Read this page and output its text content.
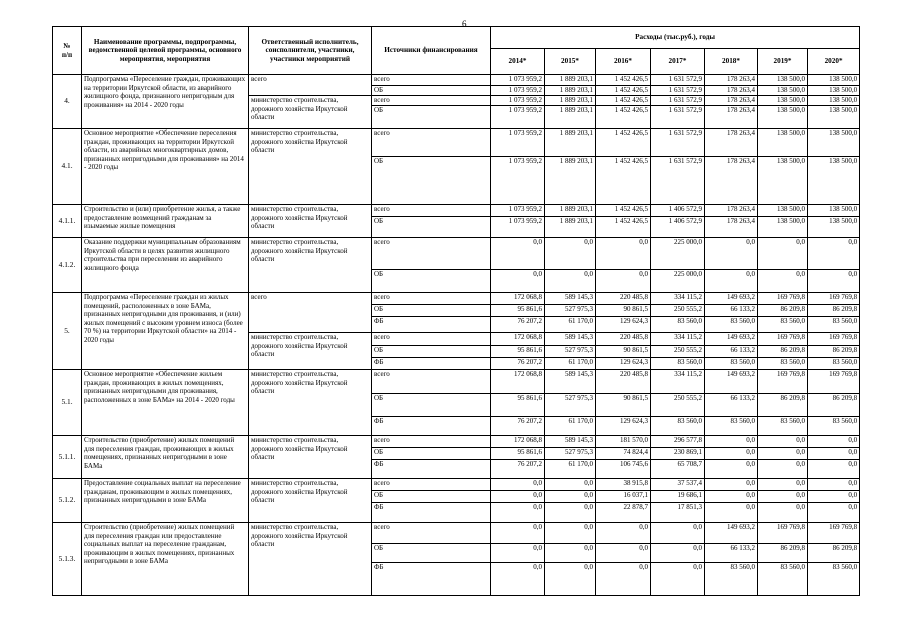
6
№
п/п	Наименование программы, подпрограммы, ведомственной целевой программы, основного мероприятия, мероприятия	Ответственный исполнитель, соисполнители, участники, участники мероприятий	Источники финансирования	Расходы (тыс.руб.), годы						
				2014*	2015*	2016*	2017*	2018*	2019*	2020*
4.	Подпрограмма «Переселение граждан, проживающих на территории Иркутской области, из аварийного жилищного фонда, признанного непригодным для проживания» на 2014 - 2020 годы	всего	всего	1 073 959,2	1 889 203,1	1 452 426,5	1 631 572,9	178 263,4	138 500,0	138 500,0
			ОБ	1 073 959,2	1 889 203,1	1 452 426,5	1 631 572,9	178 263,4	138 500,0	138 500,0
		министерство строительства, дорожного хозяйства Иркутской области	всего	1 073 959,2	1 889 203,1	1 452 426,5	1 631 572,9	178 263,4	138 500,0	138 500,0
			ОБ	1 073 959,2	1 889 203,1	1 452 426,5	1 631 572,9	178 263,4	138 500,0	138 500,0
4.1.	Основное мероприятие «Обеспечение переселения граждан, проживающих на территории Иркутской области, из аварийных многоквартирных домов, признанных непригодными для проживания» на 2014 - 2020 годы	министерство строительства, дорожного хозяйства Иркутской области	всего	1 073 959,2	1 889 203,1	1 452 426,5	1 631 572,9	178 263,4	138 500,0	138 500,0
			ОБ	1 073 959,2	1 889 203,1	1 452 426,5	1 631 572,9	178 263,4	138 500,0	138 500,0
4.1.1.	Строительство и (или) приобретение жилья, а также предоставление возмещений гражданам за изымаемые жилые помещения	министерство строительства, дорожного хозяйства Иркутской области	всего	1 073 959,2	1 889 203,1	1 452 426,5	1 406 572,9	178 263,4	138 500,0	138 500,0
			ОБ	1 073 959,2	1 889 203,1	1 452 426,5	1 406 572,9	178 263,4	138 500,0	138 500,0
4.1.2.	Оказание поддержки муниципальным образованиям Иркутской области в целях развития жилищного строительства при переселении из аварийного жилищного фонда	министерство строительства, дорожного хозяйства Иркутской области	всего	0,0	0,0	0,0	225 000,0	0,0	0,0	0,0
			ОБ	0,0	0,0	0,0	225 000,0	0,0	0,0	0,0
5.	Подпрограмма «Переселение граждан из жилых помещений, расположенных в зоне БАМа, признанных непригодными для проживания, и (или) жилых помещений с высоким уровнем износа (более 70 %) на территории Иркутской области» на 2014 - 2020 годы	всего	всего	172 068,8	589 145,3	220 485,8	334 115,2	149 693,2	169 769,8	169 769,8
			ОБ	95 861,6	527 975,3	90 861,5	250 555,2	66 133,2	86 209,8	86 209,8
			ФБ	76 207,2	61 170,0	129 624,3	83 560,0	83 560,0	83 560,0	83 560,0
		министерство строительства, дорожного хозяйства Иркутской области	всего	172 068,8	589 145,3	220 485,8	334 115,2	149 693,2	169 769,8	169 769,8
			ОБ	95 861,6	527 975,3	90 861,5	250 555,2	66 133,2	86 209,8	86 209,8
			ФБ	76 207,2	61 170,0	129 624,3	83 560,0	83 560,0	83 560,0	83 560,0
5.1.	Основное мероприятие «Обеспечение жильем граждан, проживающих в жилых помещениях, признанных непригодными для проживания, расположенных в зоне БАМа» на 2014 - 2020 годы	министерство строительства, дорожного хозяйства Иркутской области	всего	172 068,8	589 145,3	220 485,8	334 115,2	149 693,2	169 769,8	169 769,8
			ОБ	95 861,6	527 975,3	90 861,5	250 555,2	66 133,2	86 209,8	86 209,8
			ФБ	76 207,2	61 170,0	129 624,3	83 560,0	83 560,0	83 560,0	83 560,0
5.1.1.	Строительство (приобретение) жилых помещений для переселения граждан, проживающих в жилых помещениях, признанных непригодными в зоне БАМа	министерство строительства, дорожного хозяйства Иркутской области	всего	172 068,8	589 145,3	181 570,0	296 577,8	0,0	0,0	0,0
			ОБ	95 861,6	527 975,3	74 824,4	230 869,1	0,0	0,0	0,0
			ФБ	76 207,2	61 170,0	106 745,6	65 708,7	0,0	0,0	0,0
5.1.2.	Предоставление социальных выплат на переселение гражданам, проживающим в жилых помещениях, признанных непригодными в зоне БАМа	министерство строительства, дорожного хозяйства Иркутской области	всего	0,0	0,0	38 915,8	37 537,4	0,0	0,0	0,0
			ОБ	0,0	0,0	16 037,1	19 686,1	0,0	0,0	0,0
			ФБ	0,0	0,0	22 878,7	17 851,3	0,0	0,0	0,0
5.1.3.	Строительство (приобретение) жилых помещений для переселения граждан или предоставление социальных выплат на переселение гражданам, проживающим в жилых помещениях, признанных непригодными в зоне БАМа	министерство строительства, дорожного хозяйства Иркутской области	всего	0,0	0,0	0,0	0,0	149 693,2	169 769,8	169 769,8
			ОБ	0,0	0,0	0,0	0,0	66 133,2	86 209,8	86 209,8
			ФБ	0,0	0,0	0,0	0,0	83 560,0	83 560,0	83 560,0
